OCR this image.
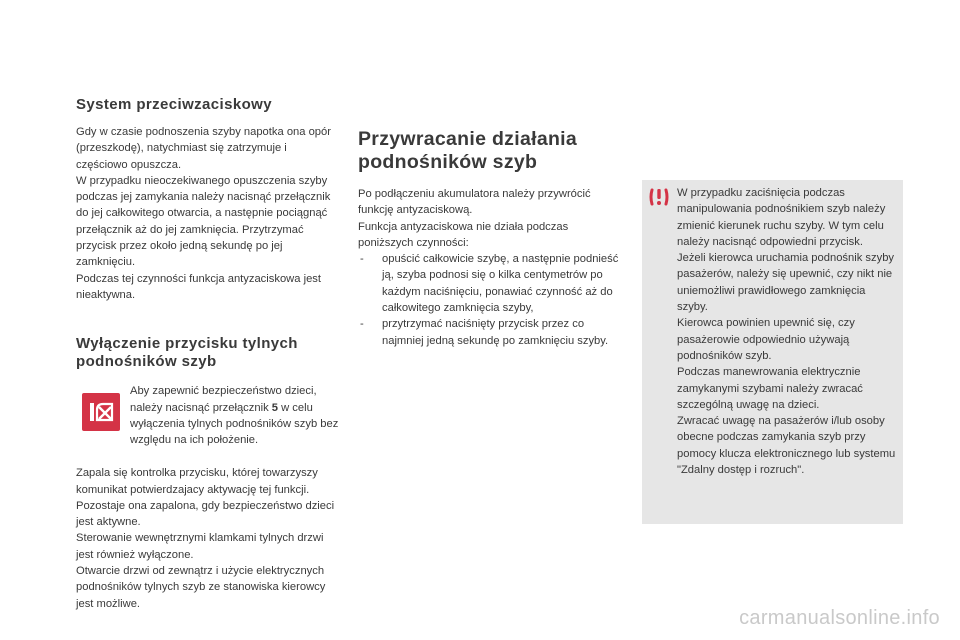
System przeciwzaciskowy

Gdy w czasie podnoszenia szyby napotka ona opór (przeszkodę), natychmiast się zatrzymuje i częściowo opuszcza.

W przypadku nieoczekiwanego opuszczenia szyby podczas jej zamykania należy nacisnąć przełącznik do jej całkowitego otwarcia, a następnie pociągnąć przełącznik aż do jej zamknięcia. Przytrzymać przycisk przez około jedną sekundę po jej zamknięciu.

Podczas tej czynności funkcja antyzaciskowa jest nieaktywna.

Wyłączenie przycisku tylnych podnośników szyb

Aby zapewnić bezpieczeństwo dzieci, należy nacisnąć przełącznik 5 w celu wyłączenia tylnych podnośników szyb bez względu na ich położenie.

Zapala się kontrolka przycisku, której towarzyszy komunikat potwierdzajacy aktywację tej funkcji. Pozostaje ona zapalona, gdy bezpieczeństwo dzieci jest aktywne.

Sterowanie wewnętrznymi klamkami tylnych drzwi jest również wyłączone.

Otwarcie drzwi od zewnątrz i użycie elektrycznych podnośników tylnych szyb ze stanowiska kierowcy jest możliwe.

Przywracanie działania podnośników szyb

Po podłączeniu akumulatora należy przywrócić funkcję antyzaciskową.

Funkcja antyzaciskowa nie działa podczas poniższych czynności:

- opuścić całkowicie szybę, a następnie podnieść ją, szyba podnosi się o kilka centymetrów po każdym naciśnięciu, ponawiać czynność aż do całkowitego zamknięcia szyby,
- przytrzymać naciśnięty przycisk przez co najmniej jedną sekundę po zamknięciu szyby.

W przypadku zaciśnięcia podczas manipulowania podnośnikiem szyb należy zmienić kierunek ruchu szyby. W tym celu należy nacisnąć odpowiedni przycisk.

Jeżeli kierowca uruchamia podnośnik szyby pasażerów, należy się upewnić, czy nikt nie uniemożliwi prawidłowego zamknięcia szyby.

Kierowca powinien upewnić się, czy pasażerowie odpowiednio używają podnośników szyb.

Podczas manewrowania elektrycznie zamykanymi szybami należy zwracać szczególną uwagę na dzieci.

Zwracać uwagę na pasażerów i/lub osoby obecne podczas zamykania szyb przy pomocy klucza elektronicznego lub systemu "Zdalny dostęp i rozruch".

carmanualsonline.info
